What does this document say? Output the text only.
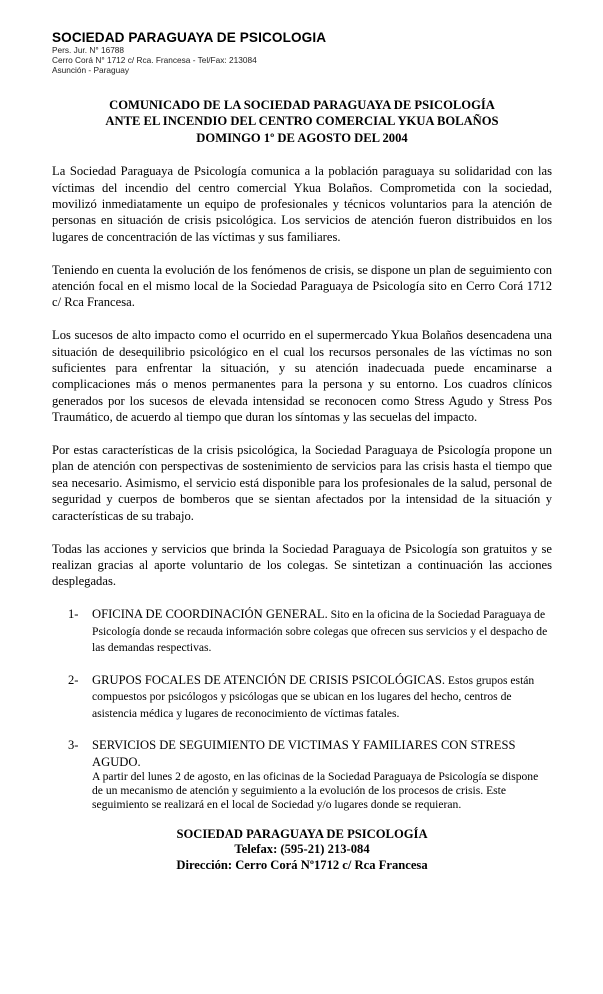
SOCIEDAD PARAGUAYA DE PSICOLOGIA
Pers. Jur. N° 16788
Cerro Corá N° 1712 c/ Rca. Francesa - Tel/Fax: 213084
Asunción - Paraguay
COMUNICADO DE LA SOCIEDAD PARAGUAYA DE PSICOLOGÍA
ANTE EL INCENDIO DEL CENTRO COMERCIAL YKUA BOLAÑOS
DOMINGO 1º DE AGOSTO DEL 2004

La Sociedad Paraguaya de Psicología comunica a la población paraguaya su solidaridad con las víctimas del incendio del centro comercial Ykua Bolaños. Comprometida con la sociedad, movilizó inmediatamente un equipo de profesionales y técnicos voluntarios para la atención de personas en situación de crisis psicológica. Los servicios de atención fueron distribuidos en los lugares de concentración de las víctimas y sus familiares.

Teniendo en cuenta la evolución de los fenómenos de crisis, se dispone un plan de seguimiento con atención focal en el mismo local de la Sociedad Paraguaya de Psicología sito en Cerro Corá 1712 c/ Rca Francesa.

Los sucesos de alto impacto como el ocurrido en el supermercado Ykua Bolaños desencadena una situación de desequilibrio psicológico en el cual los recursos personales de las víctimas no son suficientes para enfrentar la situación, y su atención inadecuada puede encaminarse a complicaciones más o menos permanentes para la persona y su entorno. Los cuadros clínicos generados por los sucesos de elevada intensidad se reconocen como Stress Agudo y Stress Pos Traumático, de acuerdo al tiempo que duran los síntomas y las secuelas del impacto.

Por estas características de la crisis psicológica, la Sociedad Paraguaya de Psicología propone un plan de atención con perspectivas de sostenimiento de servicios para las crisis hasta el tiempo que sea necesario. Asimismo, el servicio está disponible para los profesionales de la salud, personal de seguridad y cuerpos de bomberos que se sientan afectados por la intensidad de la situación y características de su trabajo.

Todas las acciones y servicios que brinda la Sociedad Paraguaya de Psicología son gratuitos y se realizan gracias al aporte voluntario de los colegas. Se sintetizan a continuación las acciones desplegadas.

1-	OFICINA DE COORDINACIÓN GENERAL. Sito en la oficina de la Sociedad Paraguaya de Psicología donde se recauda información sobre colegas que ofrecen sus servicios y el despacho de las demandas respectivas.
2-	GRUPOS FOCALES DE ATENCIÓN DE CRISIS PSICOLÓGICAS. Estos grupos están compuestos por psicólogos y psicólogas que se ubican en los lugares del hecho, centros de asistencia médica y lugares de reconocimiento de víctimas fatales.
3-	SERVICIOS DE SEGUIMIENTO DE VICTIMAS Y FAMILIARES CON STRESS AGUDO.
A partir del lunes 2 de agosto, en las oficinas de la Sociedad Paraguaya de Psicología se dispone de un mecanismo de atención y seguimiento a la evolución de los procesos de crisis. Este seguimiento se realizará en el local de Sociedad y/o lugares donde se requieran.
SOCIEDAD PARAGUAYA DE PSICOLOGÍA
Telefax: (595-21) 213-084
Dirección: Cerro Corá Nº1712 c/ Rca Francesa
